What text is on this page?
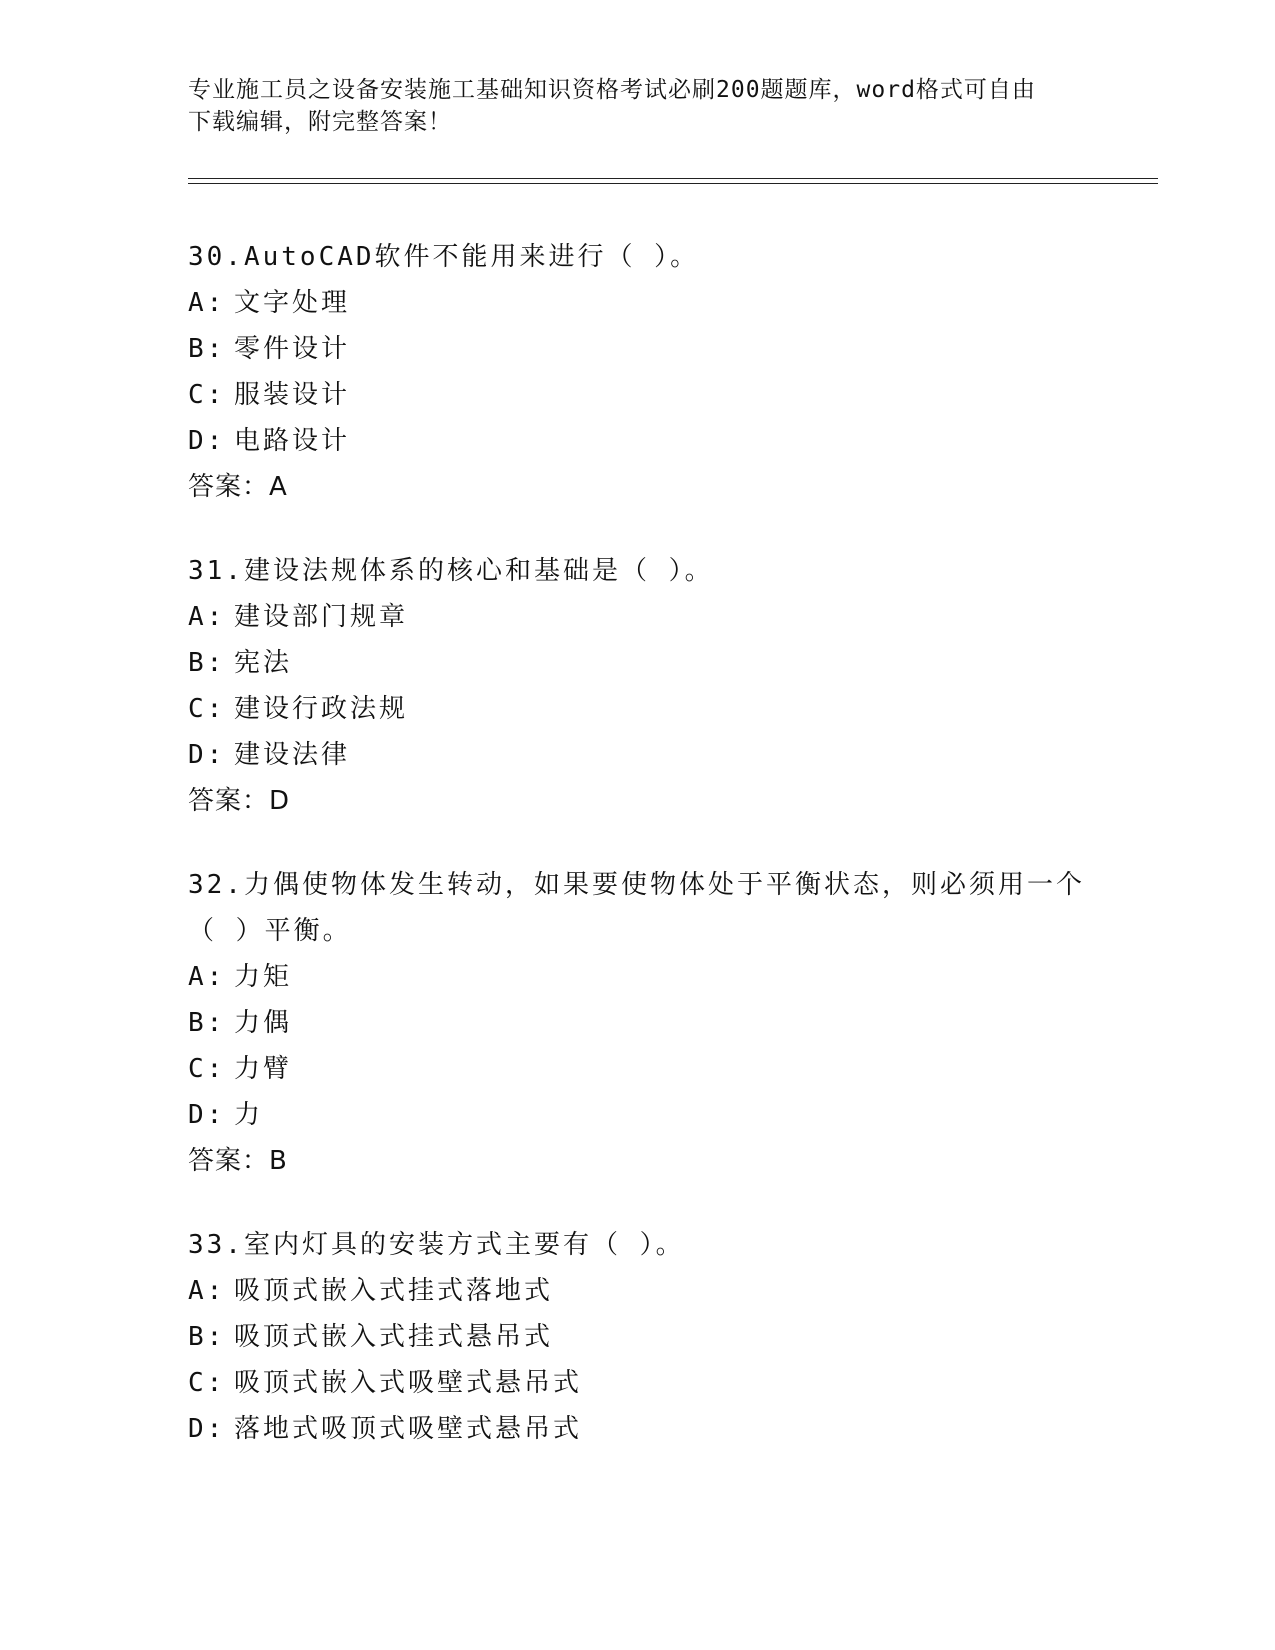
专业施工员之设备安装施工基础知识资格考试必刷200题题库，word格式可自由
下载编辑，附完整答案！
30.AutoCAD软件不能用来进行（ ）。
A: 文字处理
B: 零件设计
C: 服装设计
D: 电路设计
答案：A
31.建设法规体系的核心和基础是（ ）。
A: 建设部门规章
B: 宪法
C: 建设行政法规
D: 建设法律
答案：D
32.力偶使物体发生转动，如果要使物体处于平衡状态，则必须用一个
（ ）平衡。
A: 力矩
B: 力偶
C: 力臂
D: 力
答案：B
33.室内灯具的安装方式主要有（ ）。
A: 吸顶式嵌入式挂式落地式
B: 吸顶式嵌入式挂式悬吊式
C: 吸顶式嵌入式吸壁式悬吊式
D: 落地式吸顶式吸壁式悬吊式
